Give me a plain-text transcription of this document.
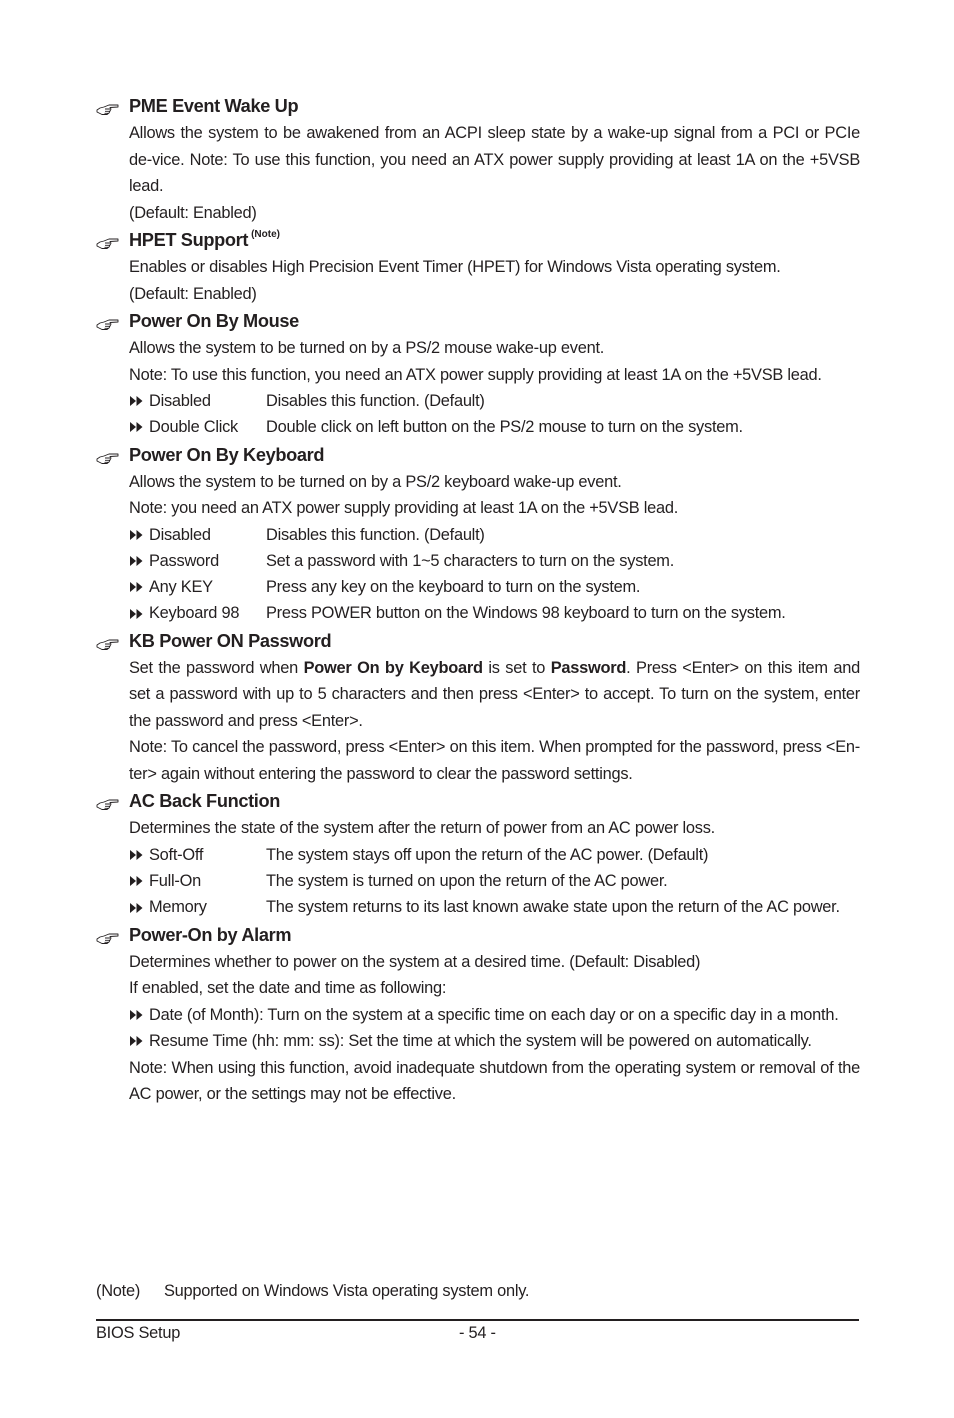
PME Event Wake Up

Allows the system to be awakened from an ACPI sleep state by a wake-up signal from a PCI or PCIe de-vice. Note: To use this function, you need an ATX power supply providing at least 1A on the +5VSB lead.

(Default: Enabled)

HPET Support $^{(Note)}$

Enables or disables High Precision Event Timer (HPET) for Windows Vista operating system.

(Default: Enabled)

Power On By Mouse

Allows the system to be turned on by a PS/2 mouse wake-up event.

Note: To use this function, you need an ATX power supply providing at least 1A on the +5VSB lead.

Disabled	Disables this function. (Default)
Double Click	Double click on left button on the PS/2 mouse to turn on the system.
Power On By Keyboard

Allows the system to be turned on by a PS/2 keyboard wake-up event.

Note: you need an ATX power supply providing at least 1A on the +5VSB lead.

Disabled	Disables this function. (Default)
Password	Set a password with 1~5 characters to turn on the system.
Any KEY	Press any key on the keyboard to turn on the system.
Keyboard 98	Press POWER button on the Windows 98 keyboard to turn on the system.
KB Power ON Password

Set the password when Power On by Keyboard is set to Password. Press <Enter> on this item and set a password with up to 5 characters and then press <Enter> to accept. To turn on the system, enter the password and press <Enter>.

Note: To cancel the password, press <Enter> on this item. When prompted for the password, press <En-ter> again without entering the password to clear the password settings.

AC Back Function

Determines the state of the system after the return of power from an AC power loss.

Soft-Off	The system stays off upon the return of the AC power. (Default)
Full-On	The system is turned on upon the return of the AC power.
Memory	The system returns to its last known awake state upon the return of the AC power.
Power-On by Alarm

Determines whether to power on the system at a desired time. (Default: Disabled)

If enabled, set the date and time as following:

Date (of Month): Turn on the system at a specific time on each day or on a specific day in a month.
Resume Time (hh: mm: ss): Set the time at which the system will be powered on automatically.

Note: When using this function, avoid inadequate shutdown from the operating system or removal of the AC power, or the settings may not be effective.

(Note)	Supported on Windows Vista operating system only.
BIOS Setup	- 54 -
